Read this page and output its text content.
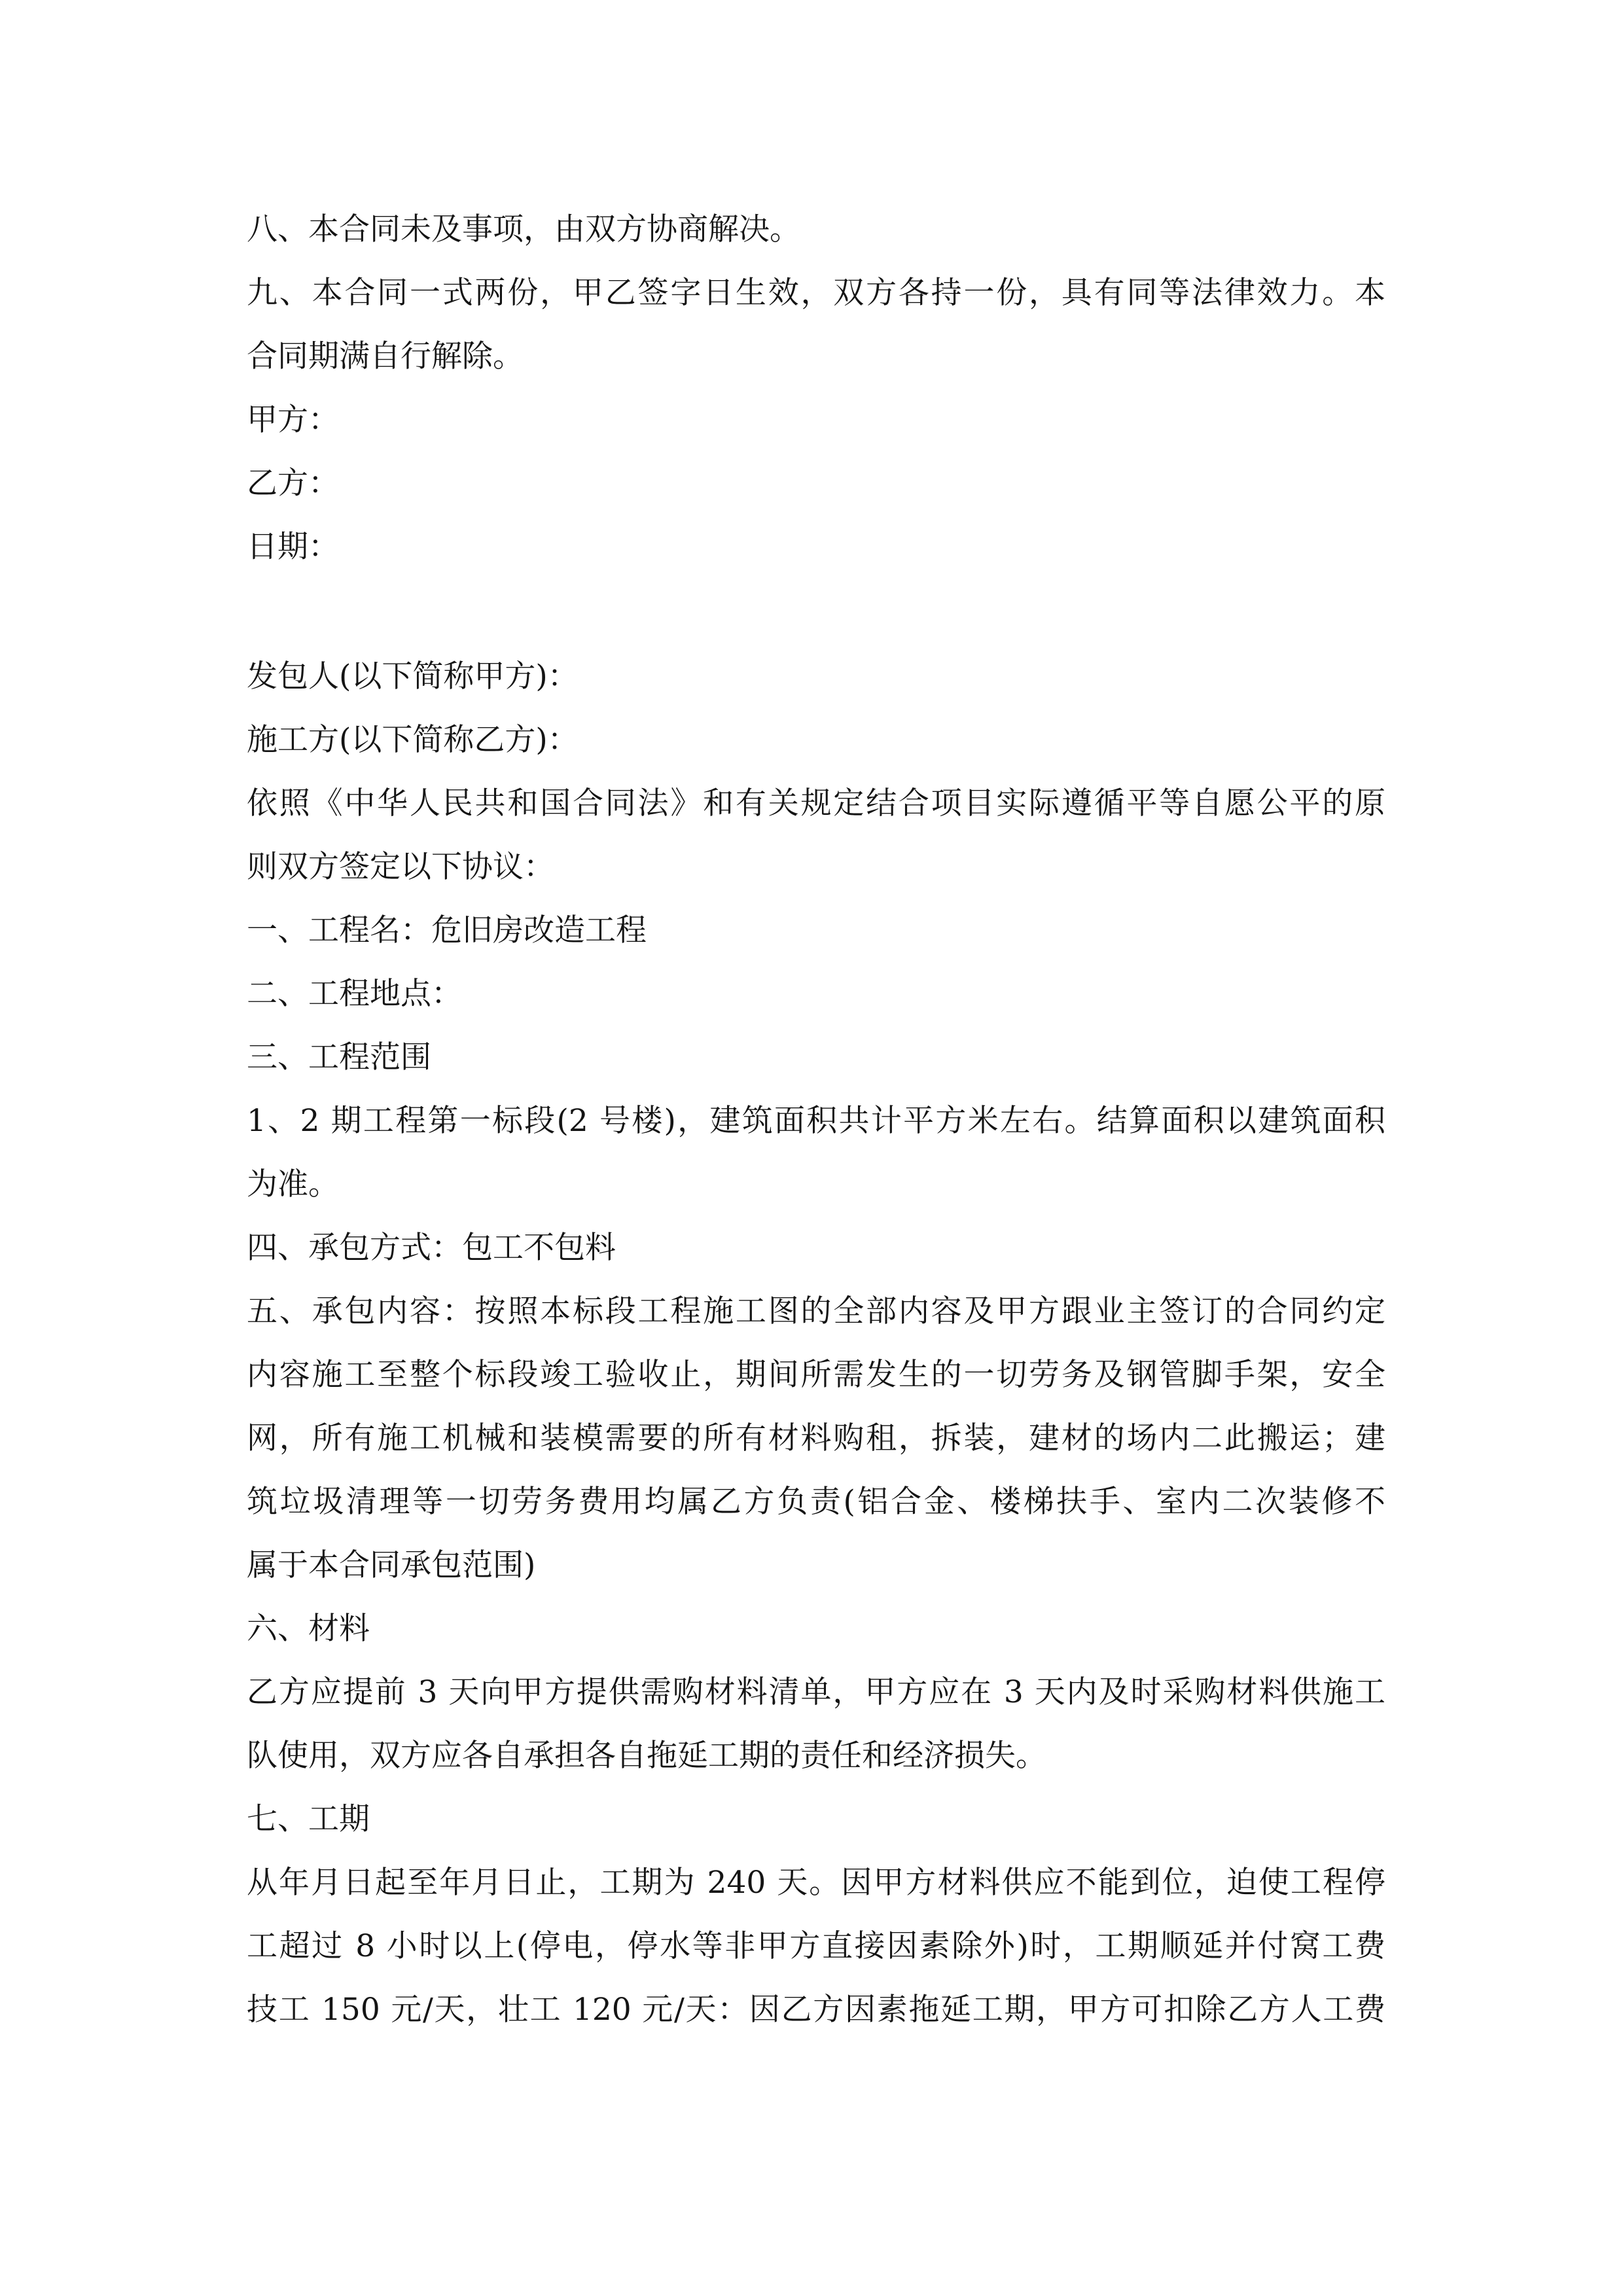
八、本合同未及事项，由双方协商解决。
九、本合同一式两份，甲乙签字日生效，双方各持一份，具有同等法律效力。本
合同期满自行解除。
甲方：
乙方：
日期：
发包人(以下简称甲方)：
施工方(以下简称乙方)：
依照《中华人民共和国合同法》和有关规定结合项目实际遵循平等自愿公平的原
则双方签定以下协议：
一、工程名：危旧房改造工程
二、工程地点：
三、工程范围
1、2 期工程第一标段(2 号楼)，建筑面积共计平方米左右。结算面积以建筑面积
为准。
四、承包方式：包工不包料
五、承包内容：按照本标段工程施工图的全部内容及甲方跟业主签订的合同约定
内容施工至整个标段竣工验收止，期间所需发生的一切劳务及钢管脚手架，安全
网，所有施工机械和装模需要的所有材料购租，拆装，建材的场内二此搬运；建
筑垃圾清理等一切劳务费用均属乙方负责(铝合金、楼梯扶手、室内二次装修不
属于本合同承包范围)
六、材料
乙方应提前 3 天向甲方提供需购材料清单，甲方应在 3 天内及时采购材料供施工
队使用，双方应各自承担各自拖延工期的责任和经济损失。
七、工期
从年月日起至年月日止，工期为 240 天。因甲方材料供应不能到位，迫使工程停
工超过 8 小时以上(停电，停水等非甲方直接因素除外)时，工期顺延并付窝工费
技工 150 元/天，壮工 120 元/天：因乙方因素拖延工期，甲方可扣除乙方人工费
